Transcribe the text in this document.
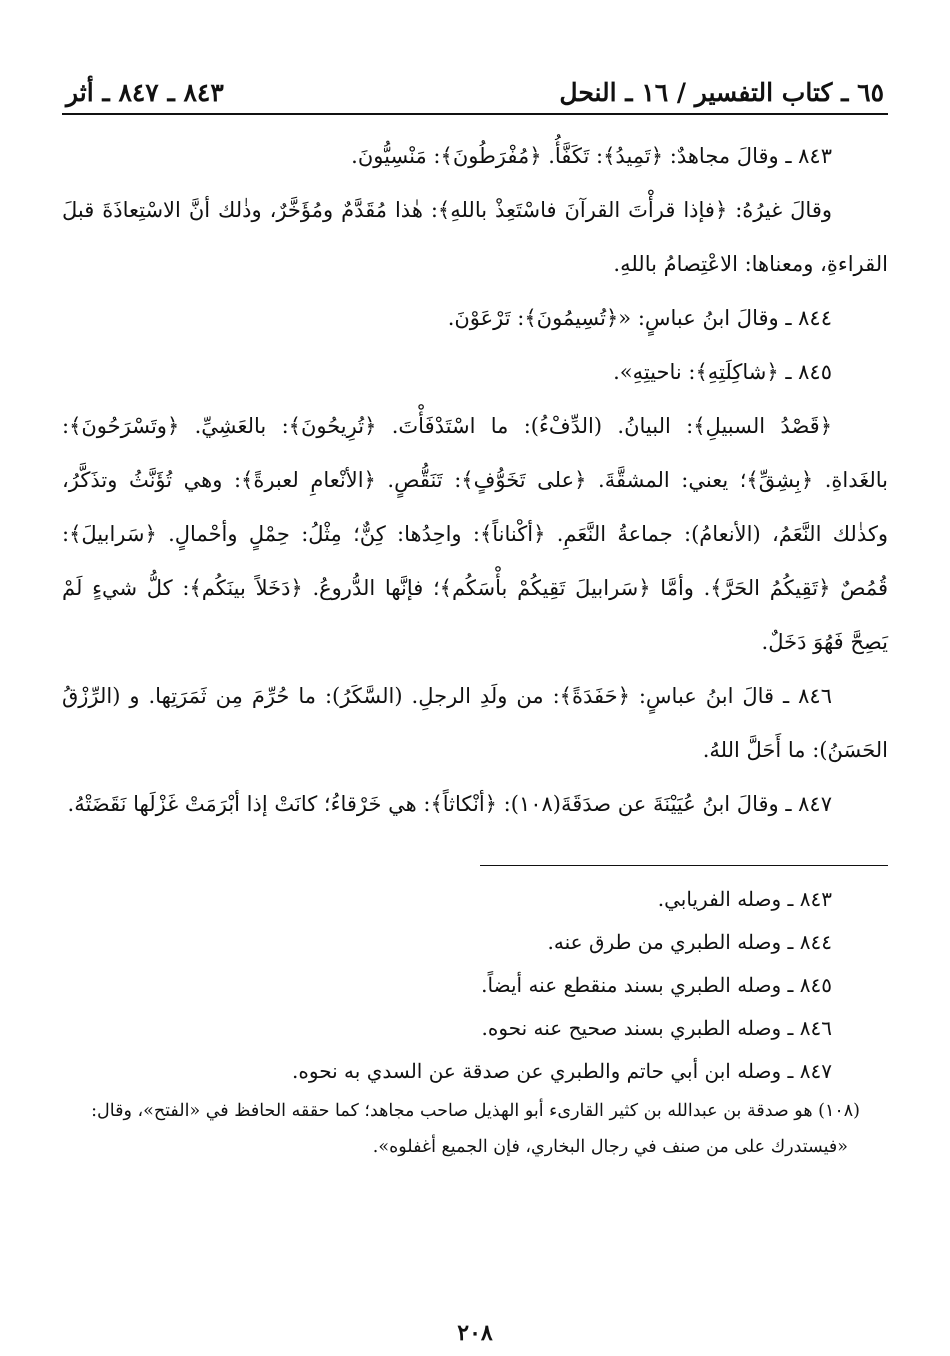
٦٥ ـ كتاب التفسير / ١٦ ـ النحل
٨٤٣ ـ ٨٤٧ ـ أثر

٨٤٣ ـ وقالَ مجاهدٌ: ﴿تَمِيدُ﴾: تَكَفَّأُ. ﴿مُفْرَطُونَ﴾: مَنْسِيُّونَ.

وقالَ غيرُهُ: ﴿فإذا قرأْتَ القرآنَ فاسْتَعِذْ باللهِ﴾: هٰذا مُقَدَّمٌ ومُؤَخَّرٌ، وذٰلك أنَّ الاسْتِعاذَةَ قبلَ القراءةِ، ومعناها: الاعْتِصامُ باللهِ.

٨٤٤ ـ وقالَ ابنُ عباسٍ: «﴿تُسِيمُونَ﴾: تَرْعَوْنَ.

٨٤٥ ـ ﴿شاكِلَتِهِ﴾: ناحيتِهِ».

﴿قَصْدُ السبيلِ﴾: البيانُ. (الدِّفْءُ): ما اسْتَدْفَأْتَ. ﴿تُرِيحُونَ﴾: بالعَشِيِّ. ﴿وتَسْرَحُونَ﴾: بالغَداةِ. ﴿بِشِقِّ﴾؛ يعني: المشقَّةَ. ﴿على تَخَوُّفٍ﴾: تَنَقُّصٍ. ﴿الأنْعامِ لعبرةً﴾: وهي تُؤَنَّثُ وتذَكَّرُ، وكذٰلك النَّعَمُ، (الأنعامُ): جماعةُ النَّعَمِ. ﴿أكْناناً﴾: واحِدُها: كِنٌّ؛ مِثْلُ: حِمْلٍ وأحْمالٍ. ﴿سَرابيلَ﴾: قُمُصٌ ﴿تَقِيكُمُ الحَرَّ﴾. وأمَّا ﴿سَرابيلَ تَقِيكُمْ بأْسَكُم﴾؛ فإنَّها الدُّروعُ. ﴿دَخَلاً بينَكُم﴾: كلُّ شيءٍ لَمْ يَصِحَّ فَهُوَ دَخَلٌ.

٨٤٦ ـ قالَ ابنُ عباسٍ: ﴿حَفَدَةً﴾: من ولَدِ الرجلِ. (السَّكَرُ): ما حُرِّمَ مِن ثَمَرَتِها. و (الرِّزْقُ الحَسَنُ): ما أَحَلَّ اللهُ.

٨٤٧ ـ وقالَ ابنُ عُيَيْنَةَ عن صدَقَةَ(١٠٨): ﴿أنْكاثاً﴾: هي خَرْقاءُ؛ كانَتْ إذا أبْرَمَتْ غَزْلَها نَقَضَتْهُ.

٨٤٣ ـ وصله الفريابي.

٨٤٤ ـ وصله الطبري من طرق عنه.

٨٤٥ ـ وصله الطبري بسند منقطع عنه أيضاً.

٨٤٦ ـ وصله الطبري بسند صحيح عنه نحوه.

٨٤٧ ـ وصله ابن أبي حاتم والطبري عن صدقة عن السدي به نحوه.

(١٠٨) هو صدقة بن عبدالله بن كثير القارىء أبو الهذيل صاحب مجاهد؛ كما حققه الحافظ في «الفتح»، وقال:

«فيستدرك على من صنف في رجال البخاري، فإن الجميع أغفلوه».

٢٠٨
